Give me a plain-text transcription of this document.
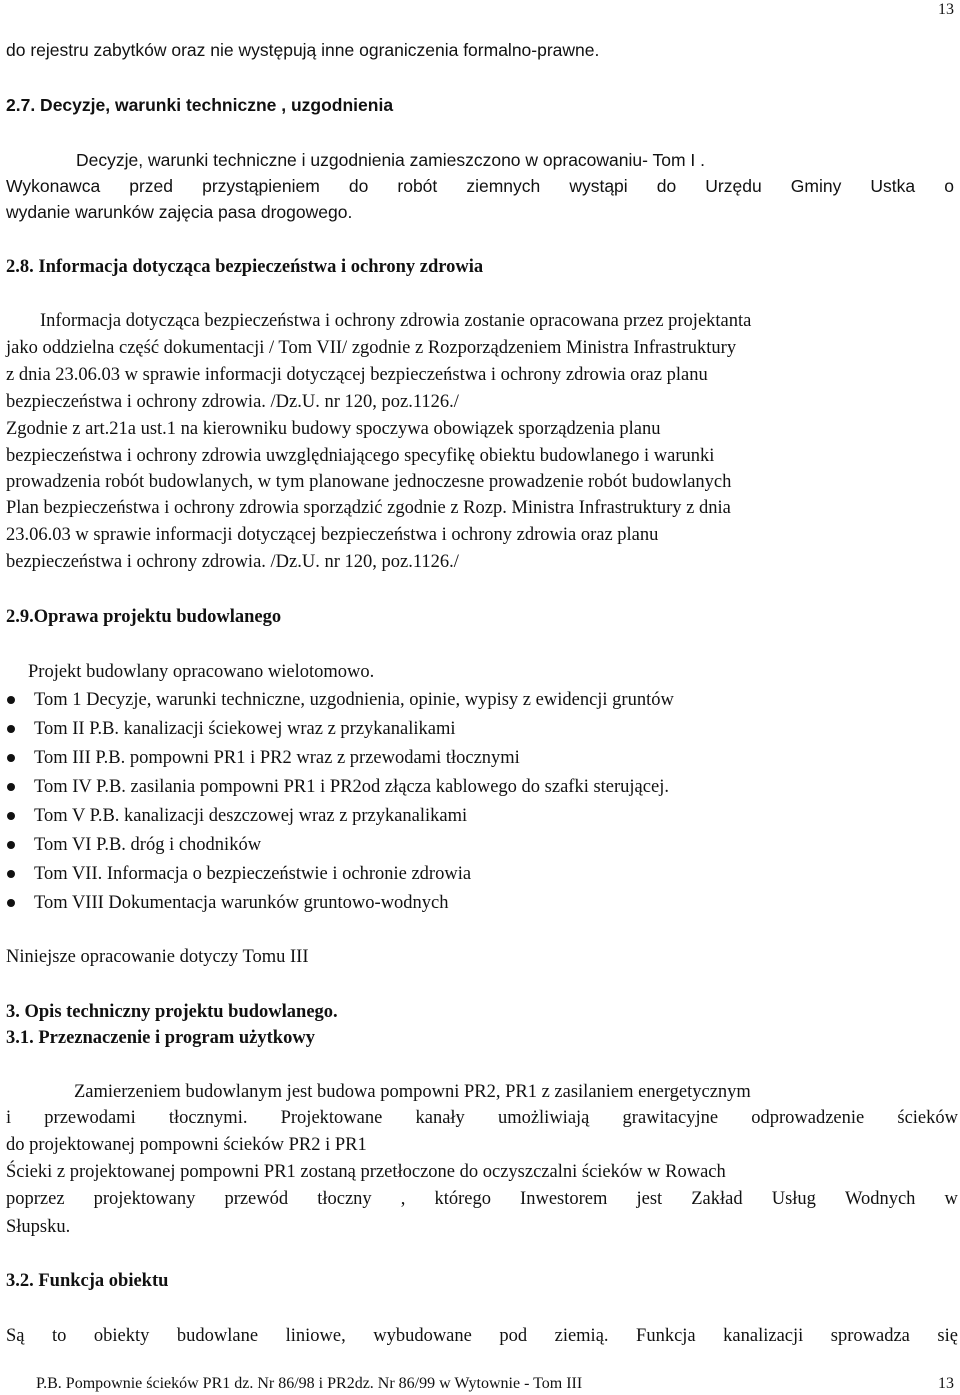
13
do rejestru zabytków oraz nie występują inne ograniczenia formalno-prawne.
2.7. Decyzje, warunki techniczne , uzgodnienia
Decyzje, warunki techniczne i uzgodnienia zamieszczono w opracowaniu- Tom I .
Wykonawca przed przystąpieniem do robót ziemnych wystąpi do Urzędu Gminy Ustka o
wydanie warunków zajęcia pasa drogowego.
2.8. Informacja dotycząca bezpieczeństwa i ochrony zdrowia
Informacja dotycząca bezpieczeństwa i ochrony zdrowia zostanie opracowana przez projektanta
jako oddzielna część dokumentacji / Tom VII/ zgodnie z Rozporządzeniem Ministra Infrastruktury
z dnia 23.06.03 w sprawie informacji dotyczącej bezpieczeństwa i ochrony zdrowia oraz planu
bezpieczeństwa i ochrony zdrowia. /Dz.U. nr 120, poz.1126./
Zgodnie z art.21a ust.1 na kierowniku budowy spoczywa obowiązek sporządzenia planu
bezpieczeństwa i ochrony zdrowia uwzględniającego specyfikę obiektu budowlanego i warunki
prowadzenia robót budowlanych, w tym planowane jednoczesne prowadzenie robót budowlanych
Plan bezpieczeństwa i ochrony zdrowia sporządzić zgodnie z Rozp. Ministra Infrastruktury z dnia
23.06.03 w sprawie informacji dotyczącej bezpieczeństwa i ochrony zdrowia oraz planu
bezpieczeństwa i ochrony zdrowia. /Dz.U. nr 120, poz.1126./
2.9.Oprawa projektu budowlanego
Projekt budowlany opracowano wielotomowo.
Tom 1 Decyzje, warunki techniczne, uzgodnienia, opinie, wypisy z ewidencji gruntów
Tom II P.B. kanalizacji ściekowej wraz z przykanalikami
Tom III P.B. pompowni PR1 i PR2 wraz z przewodami tłocznymi
Tom IV P.B. zasilania pompowni PR1 i PR2od złącza kablowego do szafki sterującej.
Tom V P.B. kanalizacji deszczowej wraz z przykanalikami
Tom VI P.B. dróg i chodników
Tom VII. Informacja o bezpieczeństwie i ochronie zdrowia
Tom VIII Dokumentacja warunków gruntowo-wodnych
Niniejsze opracowanie dotyczy Tomu III
3. Opis techniczny projektu budowlanego.
3.1. Przeznaczenie i program użytkowy
Zamierzeniem budowlanym jest budowa pompowni PR2, PR1 z zasilaniem energetycznym
i przewodami tłocznymi. Projektowane kanały umożliwiają grawitacyjne odprowadzenie ścieków
do projektowanej pompowni ścieków PR2 i PR1
Ścieki z projektowanej pompowni PR1 zostaną przetłoczone do oczyszczalni ścieków w Rowach
poprzez projektowany przewód tłoczny , którego Inwestorem jest Zakład Usług Wodnych w
Słupsku.
3.2. Funkcja obiektu
Są to obiekty budowlane liniowe, wybudowane pod ziemią. Funkcja kanalizacji sprowadza się
P.B. Pompownie ścieków PR1 dz. Nr 86/98 i PR2dz. Nr 86/99 w Wytownie - Tom III	13
